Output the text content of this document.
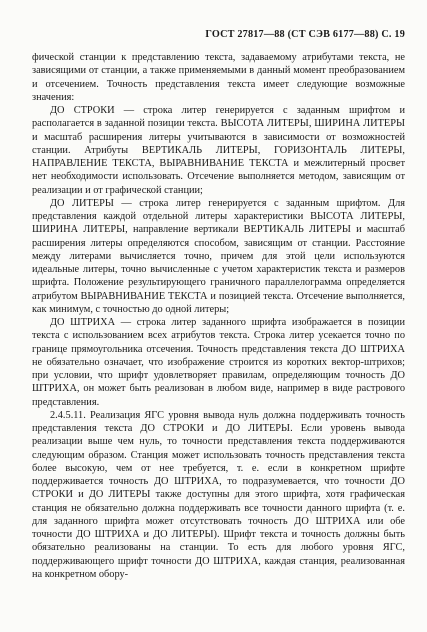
ГОСТ 27817—88 (СТ СЭВ 6177—88) С. 19

фической станции к представлению текста, задаваемому атрибутами текста, не зависящими от станции, а также применяемыми в данный момент преобразованием и отсечением. Точность представления текста имеет следующие возможные значения:

ДО СТРОКИ — строка литер генерируется с заданным шрифтом и располагается в заданной позиции текста. ВЫСОТА ЛИТЕРЫ, ШИРИНА ЛИТЕРЫ и масштаб расширения литеры учитываются в зависимости от возможностей станции. Атрибуты ВЕРТИКАЛЬ ЛИТЕРЫ, ГОРИЗОНТАЛЬ ЛИТЕРЫ, НАПРАВЛЕНИЕ ТЕКСТА, ВЫРАВНИВАНИЕ ТЕКСТА и межлитерный просвет нет необходимости использовать. Отсечение выполняется методом, зависящим от реализации и от графической станции;

ДО ЛИТЕРЫ — строка литер генерируется с заданным шрифтом. Для представления каждой отдельной литеры характеристики ВЫСОТА ЛИТЕРЫ, ШИРИНА ЛИТЕРЫ, направление вертикали ВЕРТИКАЛЬ ЛИТЕРЫ и масштаб расширения литеры определяются способом, зависящим от станции. Расстояние между литерами вычисляется точно, причем для этой цели используются идеальные литеры, точно вычисленные с учетом характеристик текста и размеров шрифта. Положение результирующего граничного параллелограмма определяется атрибутом ВЫРАВНИВАНИЕ ТЕКСТА и позицией текста. Отсечение выполняется, как минимум, с точностью до одной литеры;

ДО ШТРИХА — строка литер заданного шрифта изображается в позиции текста с использованием всех атрибутов текста. Строка литер усекается точно по границе прямоугольника отсечения. Точность представления текста ДО ШТРИХА не обязательно означает, что изображение строится из коротких вектор-штрихов; при условии, что шрифт удовлетворяет правилам, определяющим точность ДО ШТРИХА, он может быть реализован в любом виде, например в виде растрового представления.

2.4.5.11. Реализация ЯГС уровня вывода нуль должна поддерживать точность представления текста ДО СТРОКИ и ДО ЛИТЕРЫ. Если уровень вывода реализации выше чем нуль, то точности представления текста поддерживаются следующим образом. Станция может использовать точность представления текста более высокую, чем от нее требуется, т. е. если в конкретном шрифте поддерживается точность ДО ШТРИХА, то подразумевается, что точности ДО СТРОКИ и ДО ЛИТЕРЫ также доступны для этого шрифта, хотя графическая станция не обязательно должна поддерживать все точности данного шрифта (т. е. для заданного шрифта может отсутствовать точность ДО ШТРИХА или обе точности ДО ШТРИХА и ДО ЛИТЕРЫ). Шрифт текста и точность должны быть обязательно реализованы на станции. То есть для любого уровня ЯГС, поддерживающего шрифт точности ДО ШТРИХА, каждая станция, реализованная на конкретном обору-
